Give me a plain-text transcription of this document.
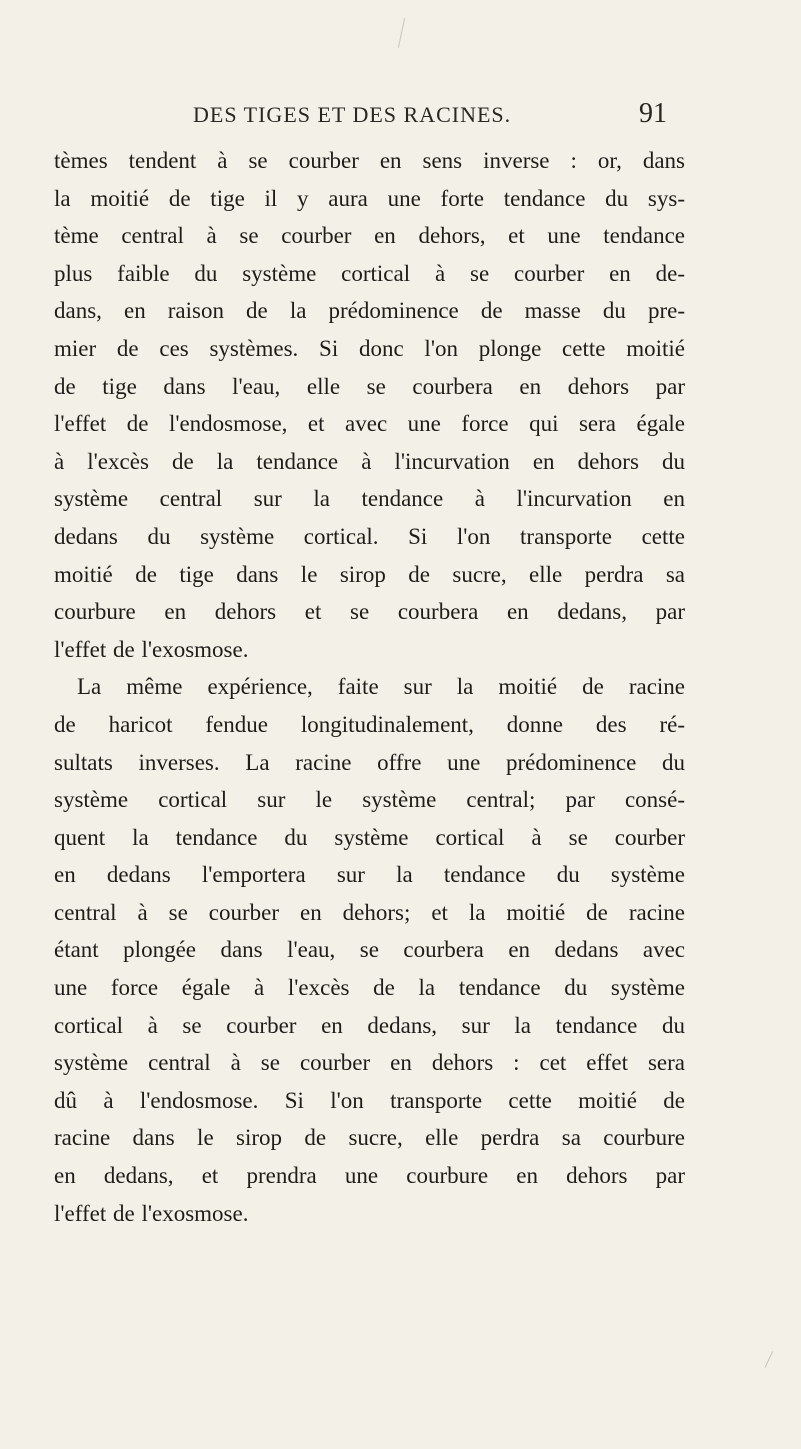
DES TIGES ET DES RACINES.	91
tèmes tendent à se courber en sens inverse : or, dans
la moitié de tige il y aura une forte tendance du sys-
tème central à se courber en dehors, et une tendance
plus faible du système cortical à se courber en de-
dans, en raison de la prédominence de masse du pre-
mier de ces systèmes. Si donc l'on plonge cette moitié
de tige dans l'eau, elle se courbera en dehors par
l'effet de l'endosmose, et avec une force qui sera égale
à l'excès de la tendance à l'incurvation en dehors du
système central sur la tendance à l'incurvation en
dedans du système cortical. Si l'on transporte cette
moitié de tige dans le sirop de sucre, elle perdra sa
courbure en dehors et se courbera en dedans, par
l'effet de l'exosmose.
La même expérience, faite sur la moitié de racine
de haricot fendue longitudinalement, donne des ré-
sultats inverses. La racine offre une prédominence du
système cortical sur le système central; par consé-
quent la tendance du système cortical à se courber
en dedans l'emportera sur la tendance du système
central à se courber en dehors; et la moitié de racine
étant plongée dans l'eau, se courbera en dedans avec
une force égale à l'excès de la tendance du système
cortical à se courber en dedans, sur la tendance du
système central à se courber en dehors : cet effet sera
dû à l'endosmose. Si l'on transporte cette moitié de
racine dans le sirop de sucre, elle perdra sa courbure
en dedans, et prendra une courbure en dehors par
l'effet de l'exosmose.
